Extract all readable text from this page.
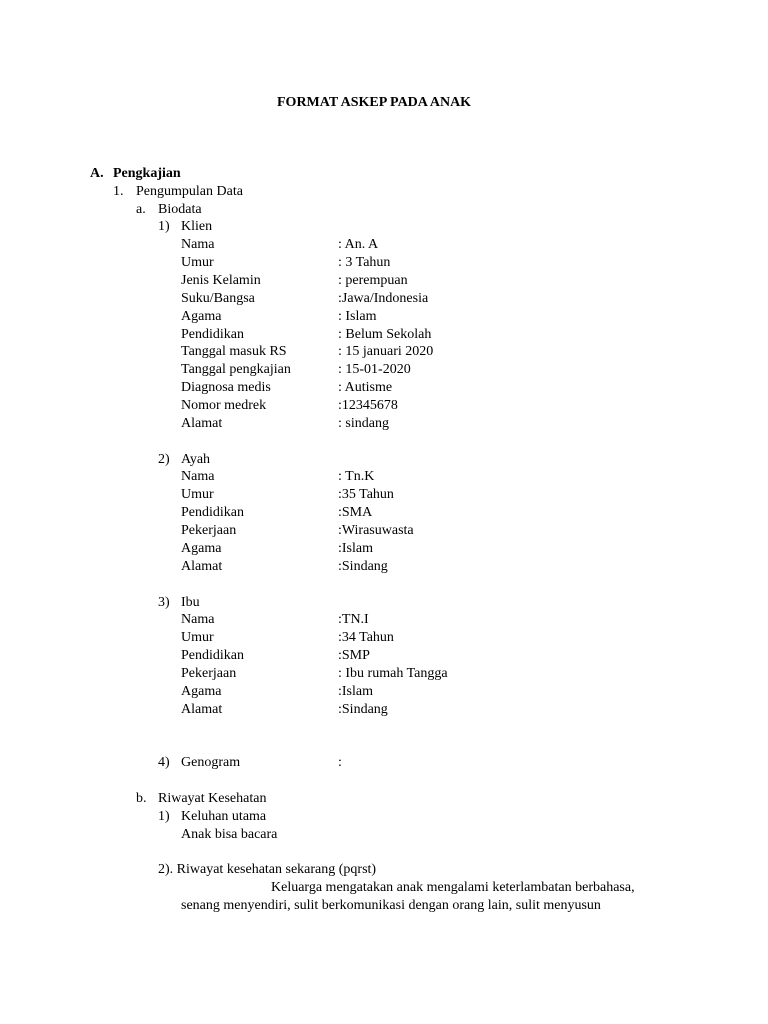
FORMAT ASKEP PADA ANAK
A. Pengkajian
1. Pengumpulan Data
a. Biodata
1) Klien
Nama	: An. A
Umur	: 3 Tahun
Jenis Kelamin	: perempuan
Suku/Bangsa	:Jawa/Indonesia
Agama	: Islam
Pendidikan	: Belum Sekolah
Tanggal masuk RS	: 15 januari 2020
Tanggal pengkajian	: 15-01-2020
Diagnosa medis	: Autisme
Nomor medrek	:12345678
Alamat	: sindang
2) Ayah
Nama	: Tn.K
Umur	:35 Tahun
Pendidikan	:SMA
Pekerjaan	:Wirasuwasta
Agama	:Islam
Alamat	:Sindang
3) Ibu
Nama	:TN.I
Umur	:34 Tahun
Pendidikan	:SMP
Pekerjaan	: Ibu rumah Tangga
Agama	:Islam
Alamat	:Sindang
4) Genogram	:
b. Riwayat Kesehatan
1) Keluhan utama
Anak bisa bacara
2). Riwayat kesehatan sekarang (pqrst)
Keluarga mengatakan anak mengalami keterlambatan berbahasa,
senang menyendiri, sulit berkomunikasi dengan orang lain, sulit menyusun
